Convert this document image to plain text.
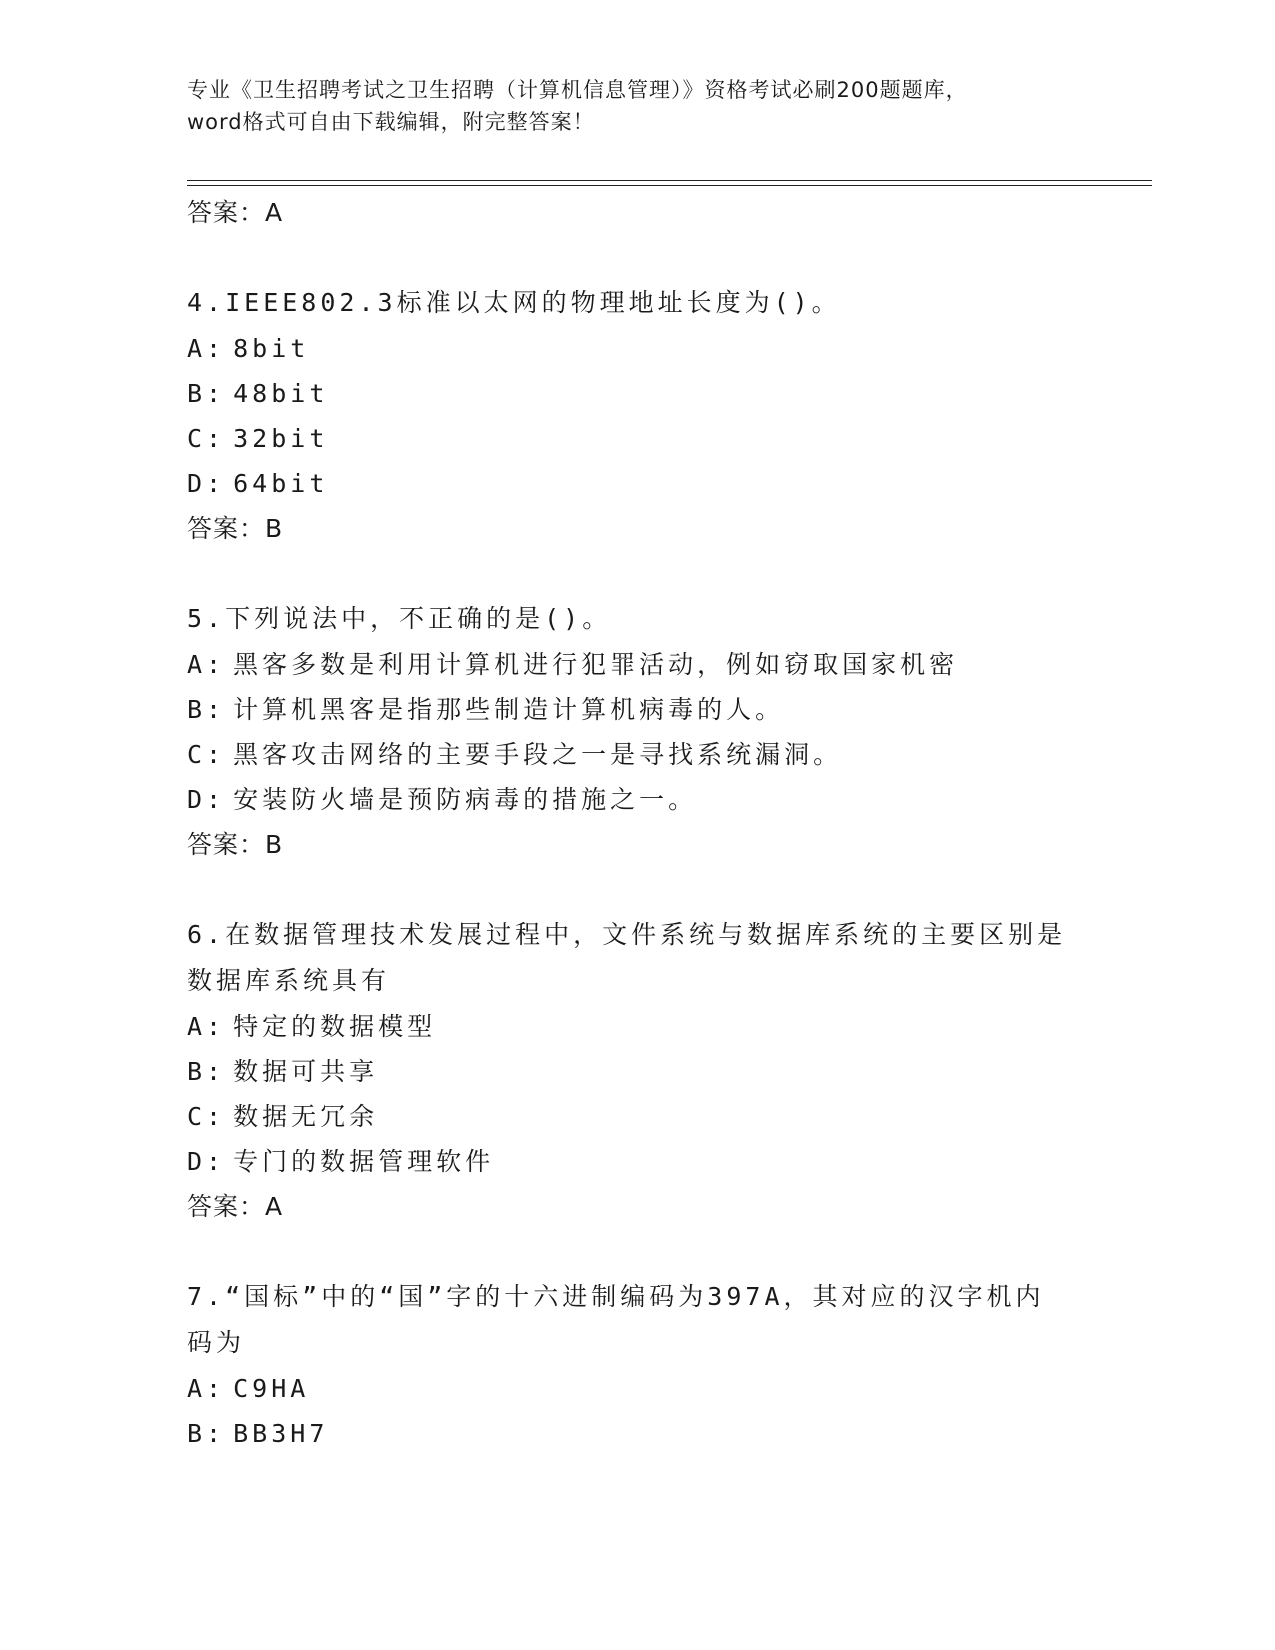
专业《卫生招聘考试之卫生招聘（计算机信息管理）》资格考试必刷200题题库，
word格式可自由下载编辑，附完整答案！
答案：A
4.IEEE802.3标准以太网的物理地址长度为()。
A: 8bit
B: 48bit
C: 32bit
D: 64bit
答案：B
5.下列说法中，不正确的是()。
A: 黑客多数是利用计算机进行犯罪活动，例如窃取国家机密
B: 计算机黑客是指那些制造计算机病毒的人。
C: 黑客攻击网络的主要手段之一是寻找系统漏洞。
D: 安装防火墙是预防病毒的措施之一。
答案：B
6.在数据管理技术发展过程中，文件系统与数据库系统的主要区别是
数据库系统具有
A: 特定的数据模型
B: 数据可共享
C: 数据无冗余
D: 专门的数据管理软件
答案：A
7.“国标”中的“国”字的十六进制编码为397A，其对应的汉字机内
码为
A: C9HA
B: BB3H7
